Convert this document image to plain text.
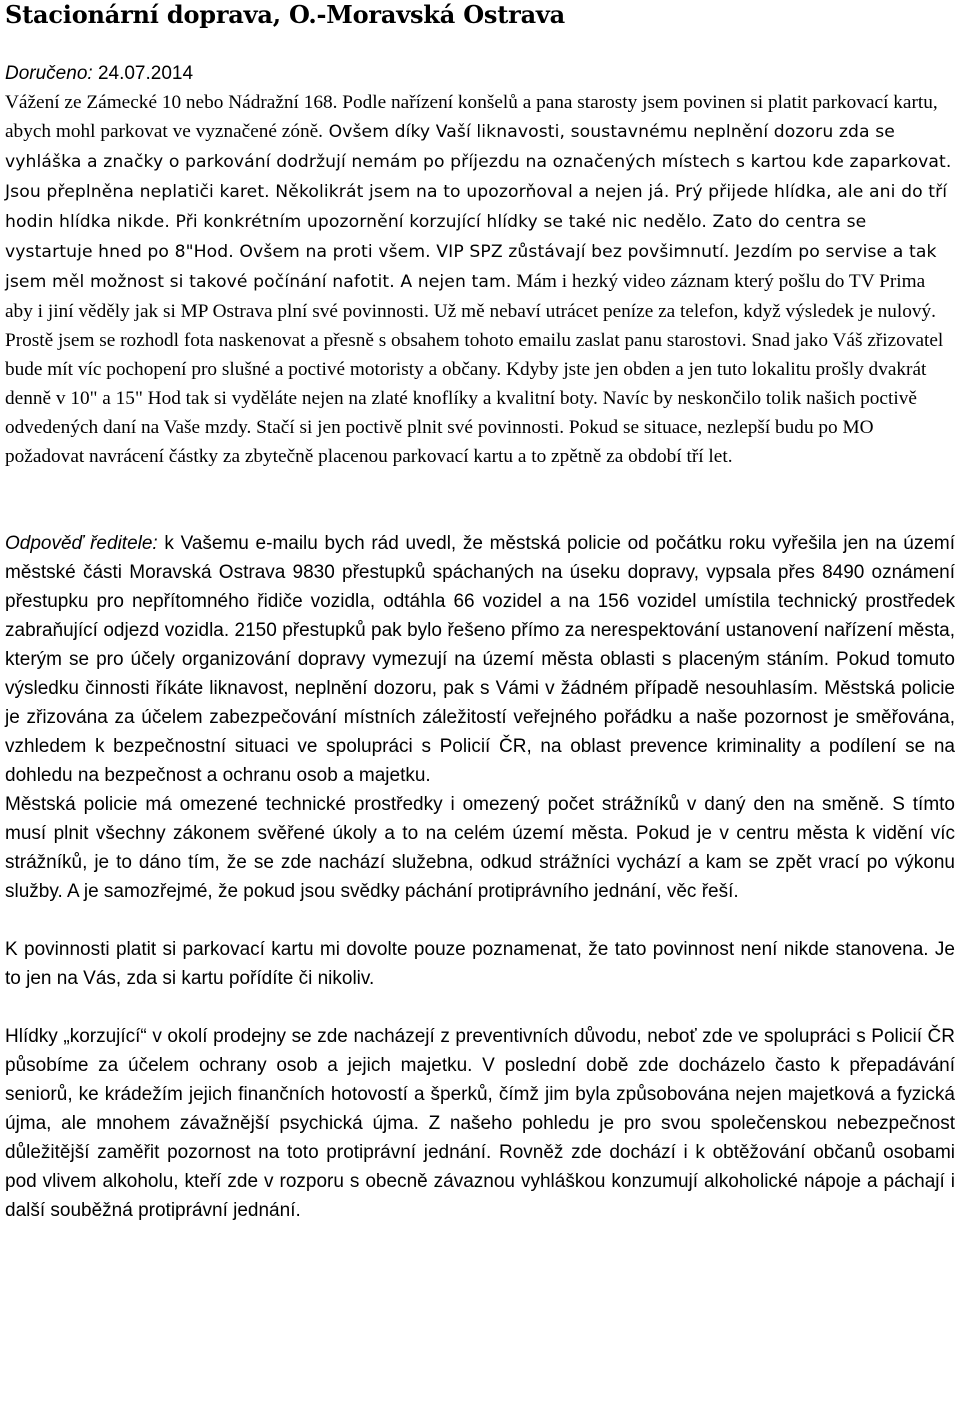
Stacionární doprava, O.-Moravská Ostrava
Doručeno: 24.07.2014

Vážení ze Zámecké 10 nebo Nádražní 168. Podle nařízení konšelů a pana starosty jsem povinen si platit parkovací kartu, abych mohl parkovat ve vyznačené zóně. Ovšem díky Vaší liknavosti, soustavnému neplnění dozoru zda se vyhláška a značky o parkování dodržují nemám po příjezdu na označených místech s kartou kde zaparkovat.

Jsou přeplněna neplatiči karet. Několikrát jsem na to upozorňoval a nejen já. Prý přijede hlídka, ale ani do tří hodin hlídka nikde. Při konkrétním upozornění korzující hlídky se také nic nedělo. Zato do centra se vystartuje hned po 8"Hod. Ovšem na proti všem. VIP SPZ zůstávají bez povšimnutí. Jezdím po servise a tak jsem měl možnost si takové počínání nafotit. A nejen tam. Mám i hezký video záznam který pošlu do TV Prima aby i jiní věděly jak si MP Ostrava plní své povinnosti. Už mě nebaví utrácet peníze za telefon, když výsledek je nulový. Prostě jsem se rozhodl fota naskenovat a přesně s obsahem tohoto emailu zaslat panu starostovi. Snad jako Váš zřizovatel bude mít víc pochopení pro slušné a poctivé motoristy a občany. Kdyby jste jen obden a jen tuto lokalitu prošly dvakrát denně v 10" a 15" Hod tak si vyděláte nejen na zlaté knoflíky a kvalitní boty. Navíc by neskončilo tolik našich poctivě odvedených daní na Vaše mzdy. Stačí si jen poctivě plnit své povinnosti. Pokud se situace, nezlepší budu po MO požadovat navrácení částky za zbytečně placenou parkovací kartu a to zpětně za období tří let.

Odpověď ředitele: k Vašemu e-mailu bych rád uvedl, že městská policie od počátku roku vyřešila jen na území městské části Moravská Ostrava 9830 přestupků spáchaných na úseku dopravy, vypsala přes 8490 oznámení přestupku pro nepřítomného řidiče vozidla, odtáhla 66 vozidel a na 156 vozidel umístila technický prostředek zabraňující odjezd vozidla. 2150 přestupků pak bylo řešeno přímo za nerespektování ustanovení nařízení města, kterým se pro účely organizování dopravy vymezují na území města oblasti s placeným stáním. Pokud tomuto výsledku činnosti říkáte liknavost, neplnění dozoru, pak s Vámi v žádném případě nesouhlasím. Městská policie je zřizována za účelem zabezpečování místních záležitostí veřejného pořádku a naše pozornost je směřována, vzhledem k bezpečnostní situaci ve spolupráci s Policií ČR, na oblast prevence kriminality a podílení se na dohledu na bezpečnost a ochranu osob a majetku.

Městská policie má omezené technické prostředky i omezený počet strážníků v daný den na směně. S tímto musí plnit všechny zákonem svěřené úkoly a to na celém území města. Pokud je v centru města k vidění víc strážníků, je to dáno tím, že se zde nachází služebna, odkud strážníci vychází a kam se zpět vrací po výkonu služby. A je samozřejmé, že pokud jsou svědky páchání protiprávního jednání, věc řeší.

K povinnosti platit si parkovací kartu mi dovolte pouze poznamenat, že tato povinnost není nikde stanovena. Je to jen na Vás, zda si kartu pořídíte či nikoliv.

Hlídky „korzující“ v okolí prodejny se zde nacházejí z preventivních důvodu, neboť zde ve spolupráci s Policií ČR působíme za účelem ochrany osob a jejich majetku. V poslední době zde docházelo často k přepadávání seniorů, ke krádežím jejich finančních hotovostí a šperků, čímž jim byla způsobována nejen majetková a fyzická újma, ale mnohem závažnější psychická újma. Z našeho pohledu je pro svou společenskou nebezpečnost důležitější zaměřit pozornost na toto protiprávní jednání. Rovněž zde dochází i k obtěžování občanů osobami pod vlivem alkoholu, kteří zde v rozporu s obecně závaznou vyhláškou konzumují alkoholické nápoje a páchají i další souběžná protiprávní jednání.
